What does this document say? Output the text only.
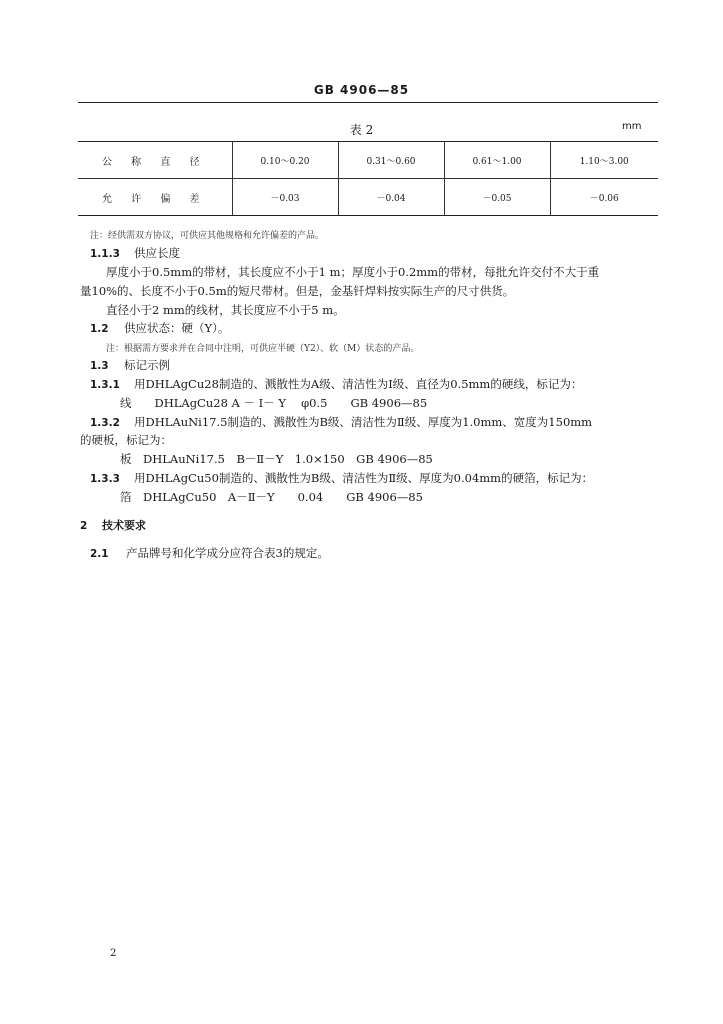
GB 4906—85
表 2	mm
公 称 直 径	0.10～0.20	0.31～0.60	0.61～1.00	1.10～3.00
允 许 偏 差	－0.03	－0.04	－0.05	－0.06
注：经供需双方协议，可供应其他规格和允许偏差的产品。
1.1.3 供应长度
厚度小于0.5mm的带材，其长度应不小于1 m；厚度小于0.2mm的带材，每批允许交付不大于重
量10%的、长度不小于0.5m的短尺带材。但是，金基钎焊料按实际生产的尺寸供货。
直径小于2 mm的线材，其长度应不小于5 m。
1.2 供应状态：硬（Y）。
注：根据需方要求并在合同中注明，可供应半硬（Y2）、软（M）状态的产品。
1.3 标记示例
1.3.1 用DHLAgCu28制造的、溅散性为A级、清洁性为Ⅰ级、直径为0.5mm的硬线，标记为：
线　　DHLAgCu28 A － Ⅰ－ Y　 φ0.5　　GB 4906—85
1.3.2 用DHLAuNi17.5制造的、溅散性为B级、清洁性为Ⅱ级、厚度为1.0mm、宽度为150mm
的硬板，标记为：
板　DHLAuNi17.5　B－Ⅱ－Y　1.0×150　GB 4906—85
1.3.3 用DHLAgCu50制造的、溅散性为B级、清洁性为Ⅱ级、厚度为0.04mm的硬箔，标记为：
箔　DHLAgCu50　A－Ⅱ－Y　　0.04　　GB 4906—85
2 技术要求
2.1 产品牌号和化学成分应符合表3的规定。
2
